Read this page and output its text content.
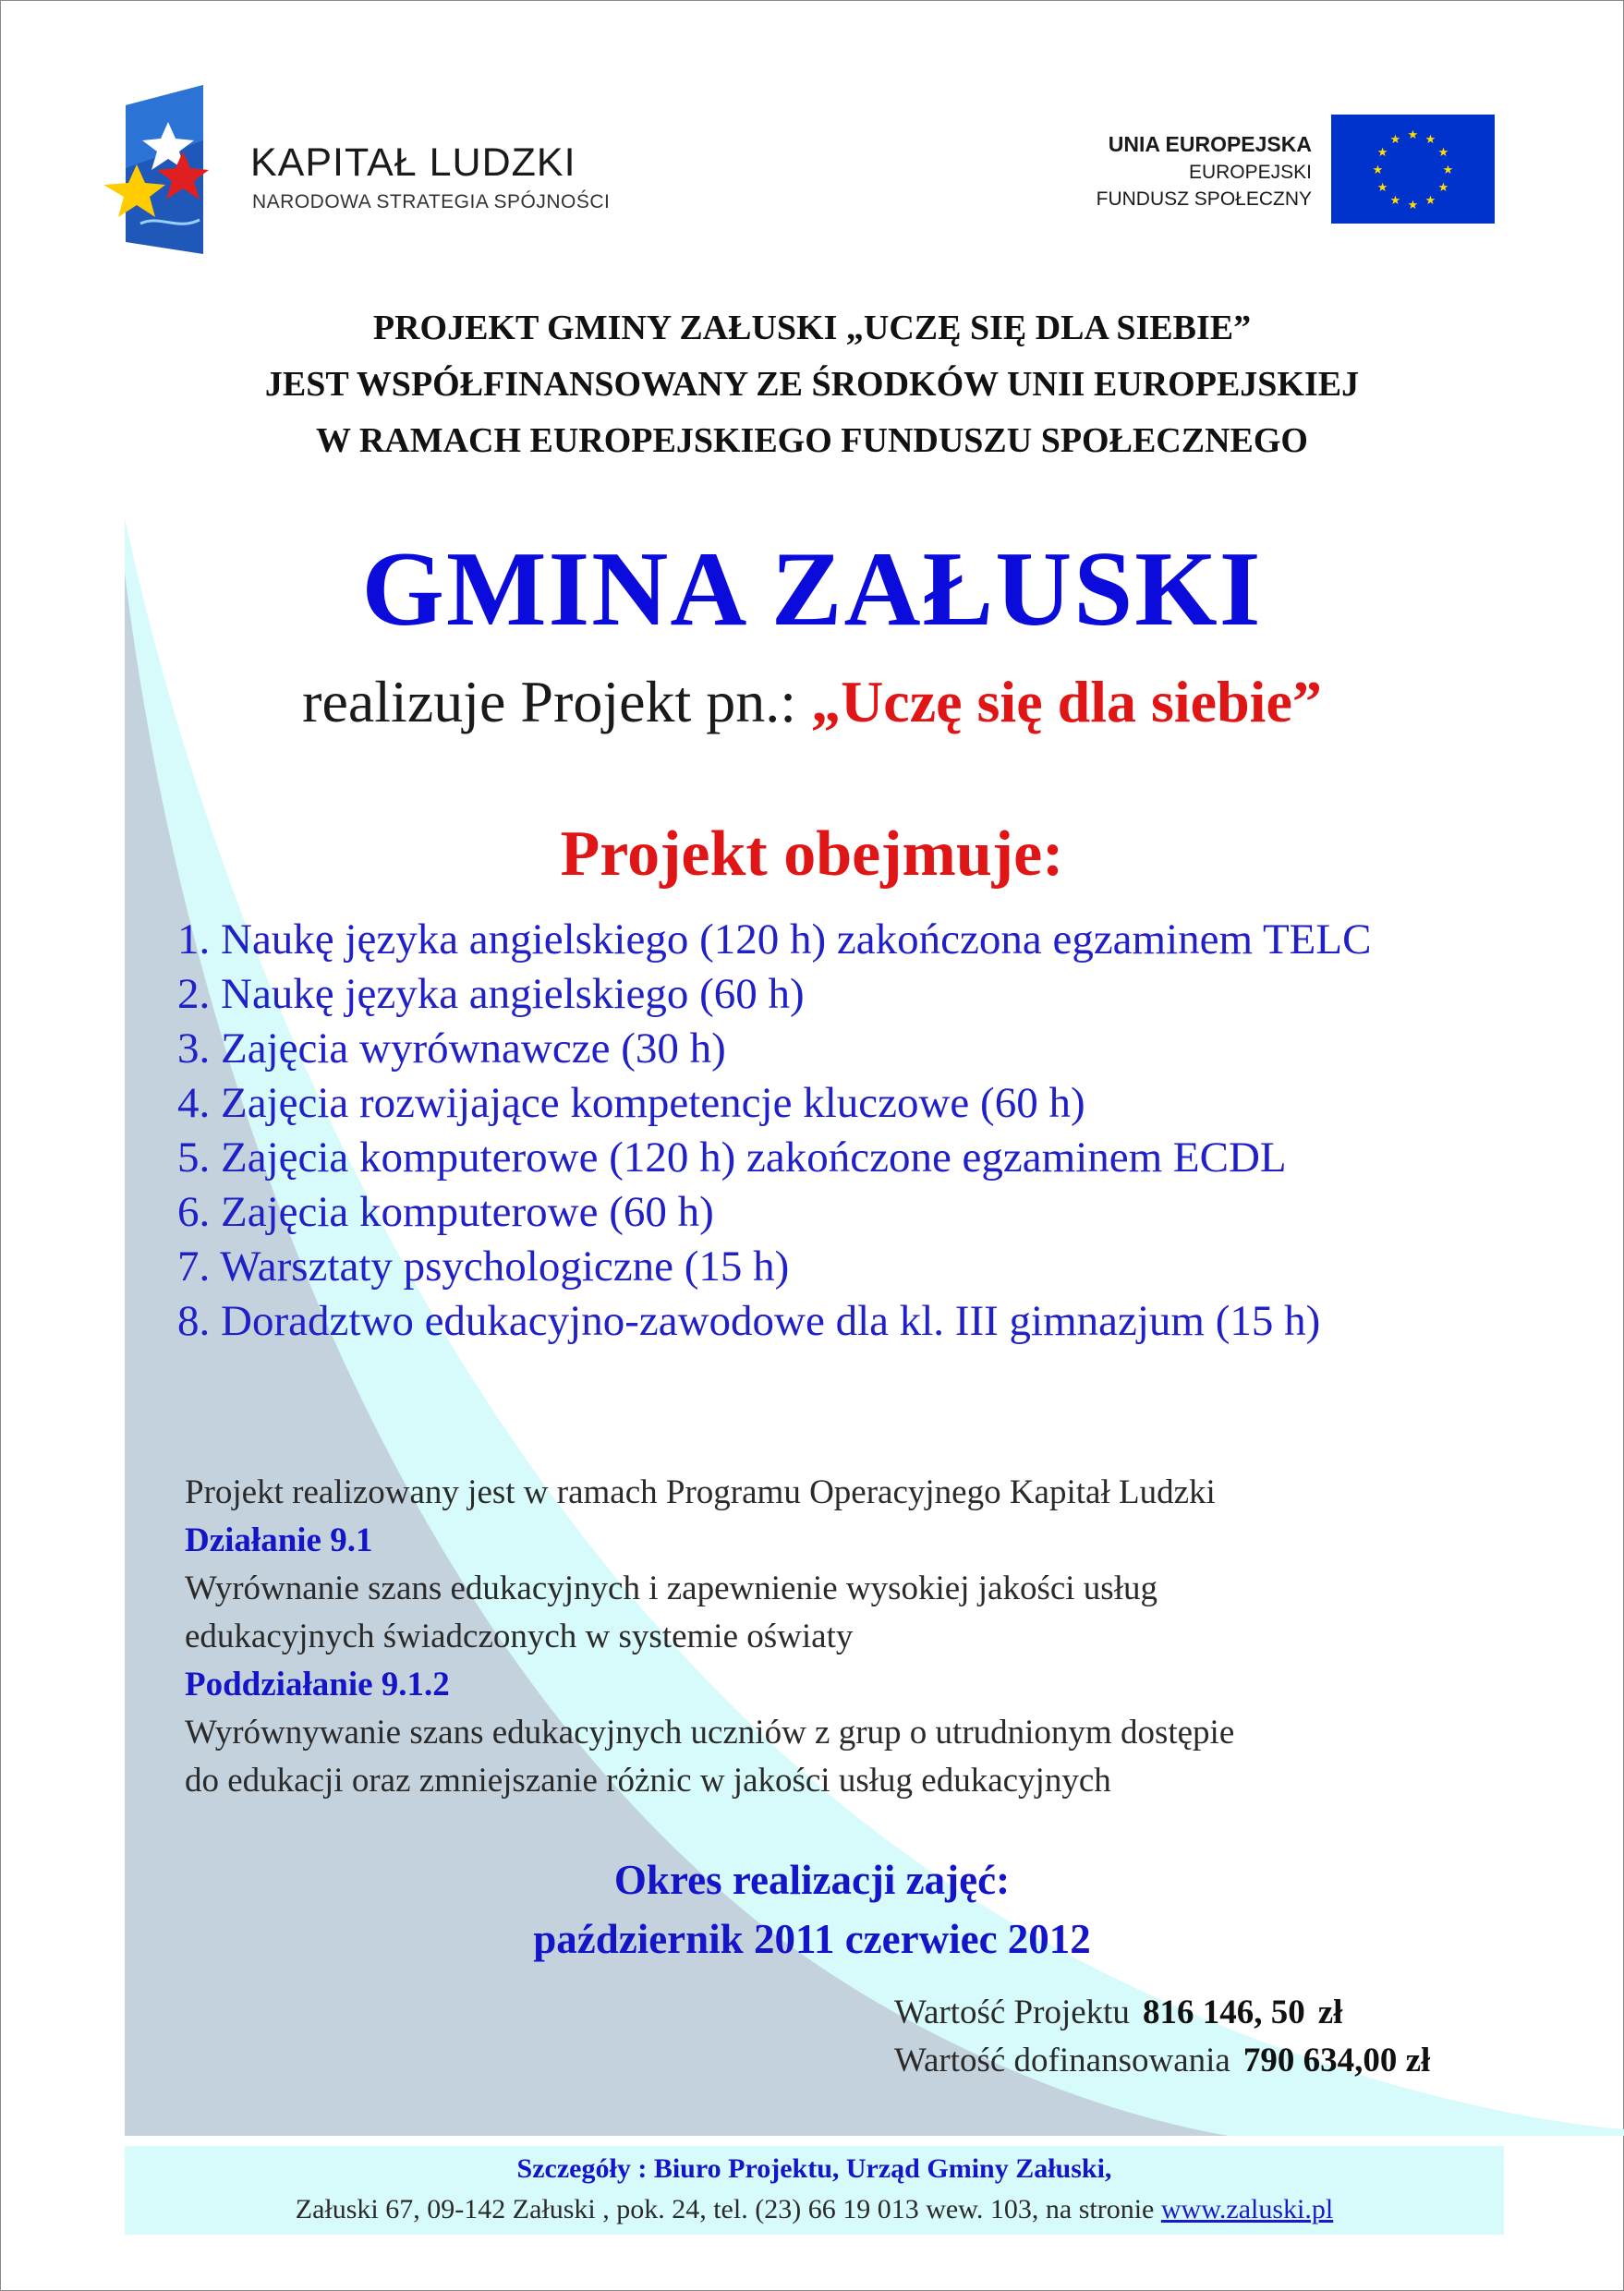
KAPITAŁ LUDZKI
NARODOWA STRATEGIA SPÓJNOŚCI
UNIA EUROPEJSKA
EUROPEJSKI
FUNDUSZ SPOŁECZNY
★ ★
★
★
★
★
★
★
★
★
★
★
PROJEKT GMINY ZAŁUSKI „UCZĘ SIĘ DLA SIEBIE”
JEST WSPÓŁFINANSOWANY ZE ŚRODKÓW UNII EUROPEJSKIEJ
W RAMACH EUROPEJSKIEGO FUNDUSZU SPOŁECZNEGO
GMINA ZAŁUSKI
realizuje Projekt pn.: „Uczę się dla siebie”
Projekt obejmuje:
1. Naukę języka angielskiego (120 h) zakończona egzaminem TELC
2. Naukę języka angielskiego (60 h)
3. Zajęcia wyrównawcze (30 h)
4. Zajęcia rozwijające kompetencje kluczowe (60 h)
5. Zajęcia komputerowe (120 h) zakończone egzaminem ECDL
6. Zajęcia komputerowe (60 h)
7. Warsztaty psychologiczne (15 h)
8. Doradztwo edukacyjno-zawodowe dla kl. III gimnazjum (15 h)
Projekt realizowany jest w ramach Programu Operacyjnego Kapitał Ludzki
Działanie 9.1
Wyrównanie szans edukacyjnych i zapewnienie wysokiej jakości usług
edukacyjnych świadczonych w systemie oświaty
Poddziałanie 9.1.2
Wyrównywanie szans edukacyjnych uczniów z grup o utrudnionym dostępie
do edukacji oraz zmniejszanie różnic w jakości usług edukacyjnych
Okres realizacji zajęć:
październik 2011 czerwiec 2012
Wartość Projektu 816 146, 50 zł
Wartość dofinansowania 790 634,00 zł
Szczegóły : Biuro Projektu, Urząd Gminy Załuski,
Załuski 67, 09-142 Załuski , pok. 24, tel. (23) 66 19 013 wew. 103, na stronie www.zaluski.pl
